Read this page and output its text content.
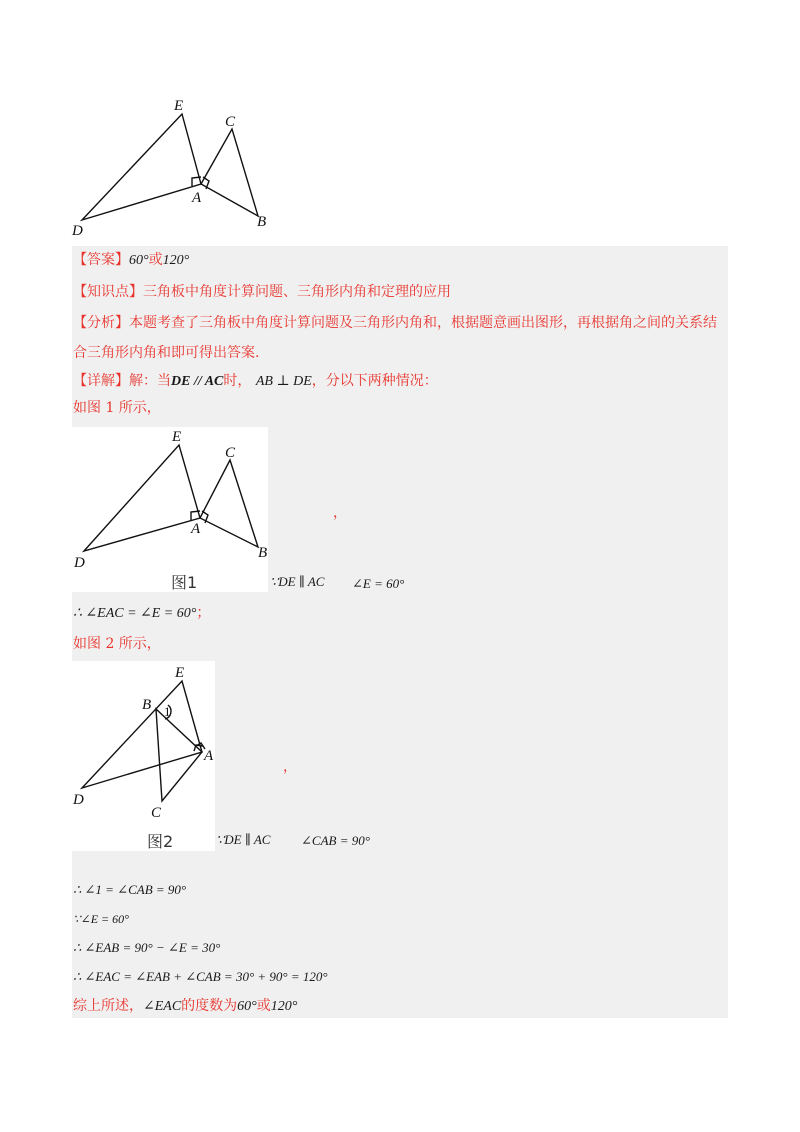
E
C
A
D
B
【答案】60°或120°
【知识点】三角板中角度计算问题、三角形内角和定理的应用
【分析】本题考查了三角板中角度计算问题及三角形内角和，根据题意画出图形，再根据角之间的关系结
合三角形内角和即可得出答案.
【详解】解：当DE // AC时， AB ⊥ DE，分以下两种情况：
如图 1 所示，
E
C
A
D
B
图1
，
∵DE ∥ AC ∠E = 60°
∴ ∠EAC = ∠E = 60°；
如图 2 所示，
E
B 1
A
D
C
图2
，
∵DE ∥ AC ∠CAB = 90°
∴ ∠1 = ∠CAB = 90°
∵∠E = 60°
∴ ∠EAB = 90° − ∠E = 30°
∴ ∠EAC = ∠EAB + ∠CAB = 30° + 90° = 120°
综上所述，∠EAC的度数为60°或120°
